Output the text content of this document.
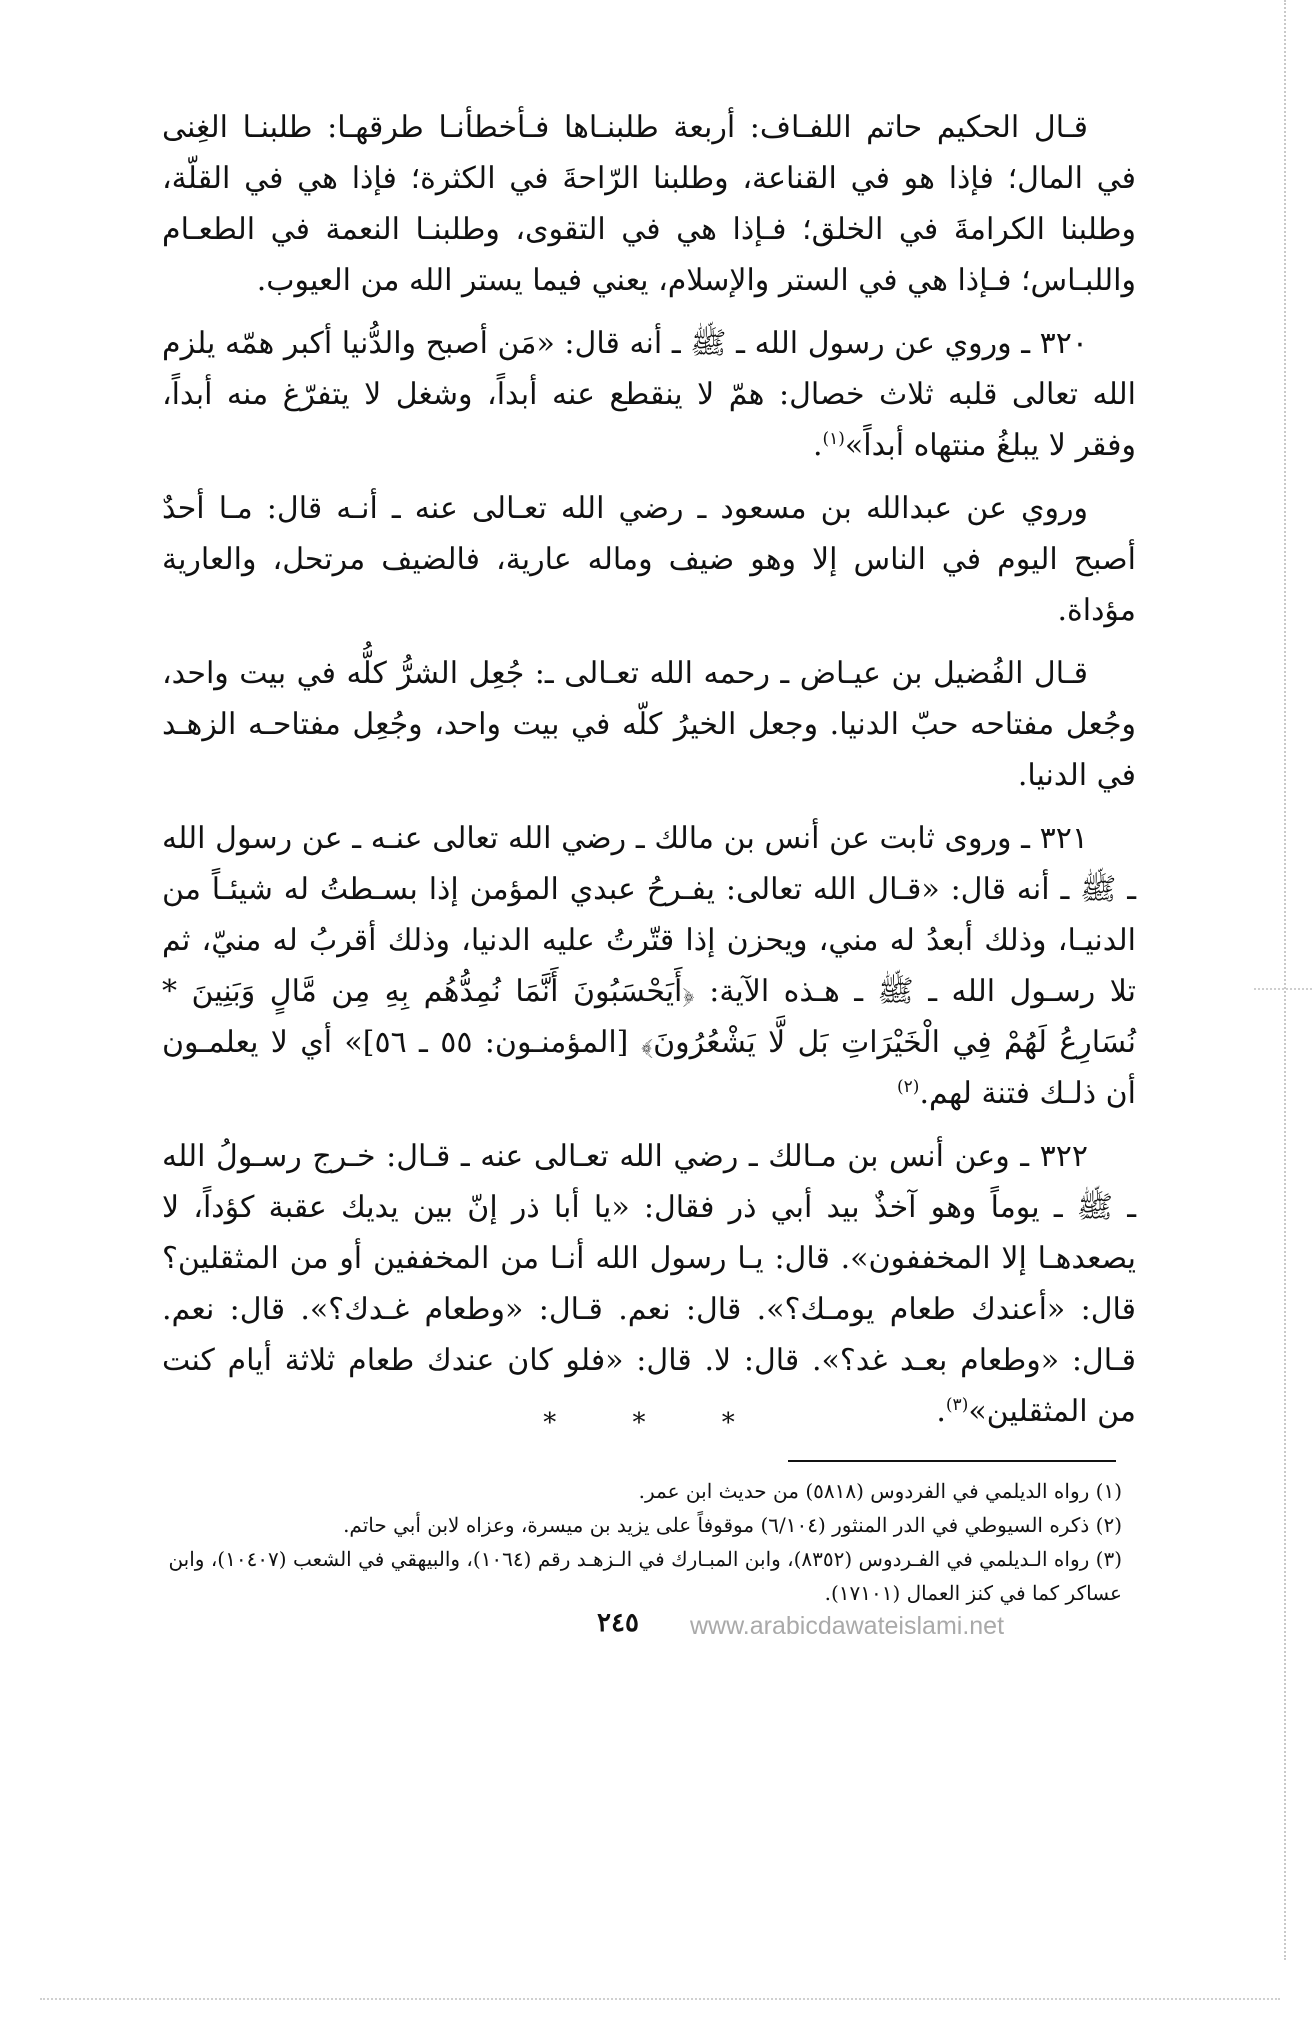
قـال الحكيم حاتم اللفـاف: أربعة طلبنـاها فـأخطأنـا طرقهـا: طلبنـا الغِنى في المال؛ فإذا هو في القناعة، وطلبنا الرّاحةَ في الكثرة؛ فإذا هي في القلّة، وطلبنا الكرامةَ في الخلق؛ فـإذا هي في التقوى، وطلبنـا النعمة في الطعـام واللبـاس؛ فـإذا هي في الستر والإسلام، يعني فيما يستر الله من العيوب.

٣٢٠ ـ وروي عن رسول الله ـ ﷺ ـ أنه قال: «مَن أصبح والدُّنيا أكبر همّه يلزم الله تعالى قلبه ثلاث خصال: همّ لا ينقطع عنه أبداً، وشغل لا يتفرّغ منه أبداً، وفقر لا يبلغُ منتهاه أبداً»$^{(١)}$.

وروي عن عبدالله بن مسعود ـ رضي الله تعـالى عنه ـ أنـه قال: مـا أحدٌ أصبح اليوم في الناس إلا وهو ضيف وماله عارية، فالضيف مرتحل، والعارية مؤداة.

قـال الفُضيل بن عيـاض ـ رحمه الله تعـالى ـ: جُعِل الشرُّ كلُّه في بيت واحد، وجُعل مفتاحه حبّ الدنيا. وجعل الخيرُ كلّه في بيت واحد، وجُعِل مفتاحـه الزهـد في الدنيا.

٣٢١ ـ وروى ثابت عن أنس بن مالك ـ رضي الله تعالى عنـه ـ عن رسول الله ـ ﷺ ـ أنه قال: «قـال الله تعالى: يفـرحُ عبدي المؤمن إذا بسـطتُ له شيئـاً من الدنيـا، وذلك أبعدُ له مني، ويحزن إذا قتّرتُ عليه الدنيا، وذلك أقربُ له منيّ، ثم تلا رسـول الله ـ ﷺ ـ هـذه الآية: ﴿أَيَحْسَبُونَ أَنَّمَا نُمِدُّهُم بِهِ مِن مَّالٍ وَبَنِينَ * نُسَارِعُ لَهُمْ فِي الْخَيْرَاتِ بَل لَّا يَشْعُرُونَ﴾ [المؤمنـون: ٥٥ ـ ٥٦]» أي لا يعلمـون أن ذلـك فتنة لهم.$^{(٢)}$

٣٢٢ ـ وعن أنس بن مـالك ـ رضي الله تعـالى عنه ـ قـال: خـرج رسـولُ الله ـ ﷺ ـ يوماً وهو آخذٌ بيد أبي ذر فقال: «يا أبا ذر إنّ بين يديك عقبة كؤداً، لا يصعدهـا إلا المخففون». قال: يـا رسول الله أنـا من المخففين أو من المثقلين؟ قال: «أعندك طعام يومـك؟». قال: نعم. قـال: «وطعام غـدك؟». قال: نعم. قـال: «وطعام بعـد غد؟». قال: لا. قال: «فلو كان عندك طعام ثلاثة أيام كنت من المثقلين»$^{(٣)}$.

* * *

(١) رواه الديلمي في الفردوس (٥٨١٨) من حديث ابن عمر.

(٢) ذكره السيوطي في الدر المنثور (٦/١٠٤) موقوفاً على يزيد بن ميسرة، وعزاه لابن أبي حاتم.

(٣) رواه الـديلمي في الفـردوس (٨٣٥٢)، وابن المبـارك في الـزهـد رقم (١٠٦٤)، والبيهقي في الشعب (١٠٤٠٧)، وابن عساكر كما في كنز العمال (١٧١٠١).

٢٤٥	www.arabicdawateislami.net
